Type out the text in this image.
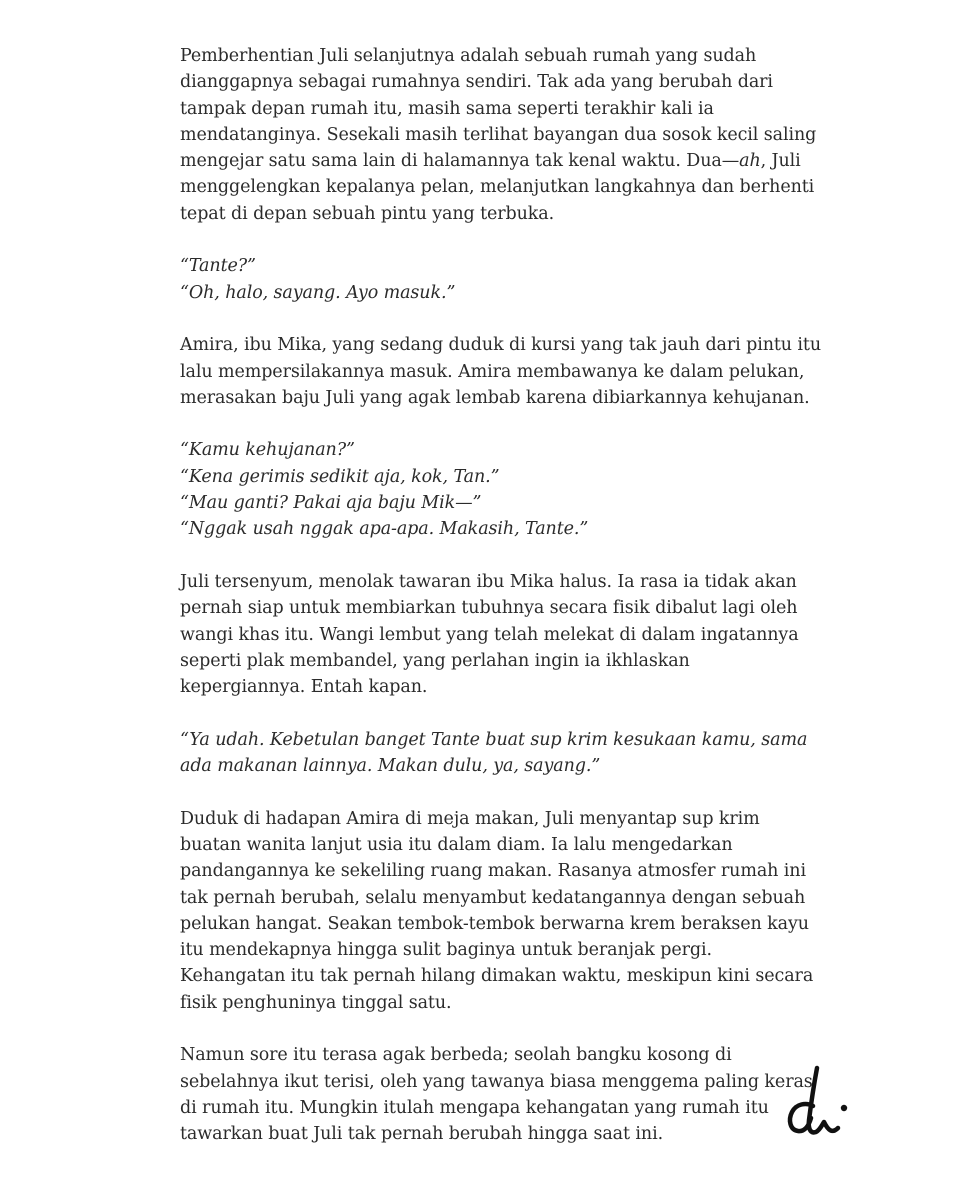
Pemberhentian Juli selanjutnya adalah sebuah rumah yang sudah
dianggapnya sebagai rumahnya sendiri. Tak ada yang berubah dari
tampak depan rumah itu, masih sama seperti terakhir kali ia
mendatanginya. Sesekali masih terlihat bayangan dua sosok kecil saling
mengejar satu sama lain di halamannya tak kenal waktu. Dua—ah, Juli
menggelengkan kepalanya pelan, melanjutkan langkahnya dan berhenti
tepat di depan sebuah pintu yang terbuka.
“Tante?”
“Oh, halo, sayang. Ayo masuk.”
Amira, ibu Mika, yang sedang duduk di kursi yang tak jauh dari pintu itu
lalu mempersilakannya masuk. Amira membawanya ke dalam pelukan,
merasakan baju Juli yang agak lembab karena dibiarkannya kehujanan.
“Kamu kehujanan?”
“Kena gerimis sedikit aja, kok, Tan.”
“Mau ganti? Pakai aja baju Mik—”
“Nggak usah nggak apa-apa. Makasih, Tante.”
Juli tersenyum, menolak tawaran ibu Mika halus. Ia rasa ia tidak akan
pernah siap untuk membiarkan tubuhnya secara fisik dibalut lagi oleh
wangi khas itu. Wangi lembut yang telah melekat di dalam ingatannya
seperti plak membandel, yang perlahan ingin ia ikhlaskan
kepergiannya. Entah kapan.
“Ya udah. Kebetulan banget Tante buat sup krim kesukaan kamu, sama
ada makanan lainnya. Makan dulu, ya, sayang.”
Duduk di hadapan Amira di meja makan, Juli menyantap sup krim
buatan wanita lanjut usia itu dalam diam. Ia lalu mengedarkan
pandangannya ke sekeliling ruang makan. Rasanya atmosfer rumah ini
tak pernah berubah, selalu menyambut kedatangannya dengan sebuah
pelukan hangat. Seakan tembok-tembok berwarna krem beraksen kayu
itu mendekapnya hingga sulit baginya untuk beranjak pergi.
Kehangatan itu tak pernah hilang dimakan waktu, meskipun kini secara
fisik penghuninya tinggal satu.
Namun sore itu terasa agak berbeda; seolah bangku kosong di
sebelahnya ikut terisi, oleh yang tawanya biasa menggema paling keras
di rumah itu. Mungkin itulah mengapa kehangatan yang rumah itu
tawarkan buat Juli tak pernah berubah hingga saat ini.
